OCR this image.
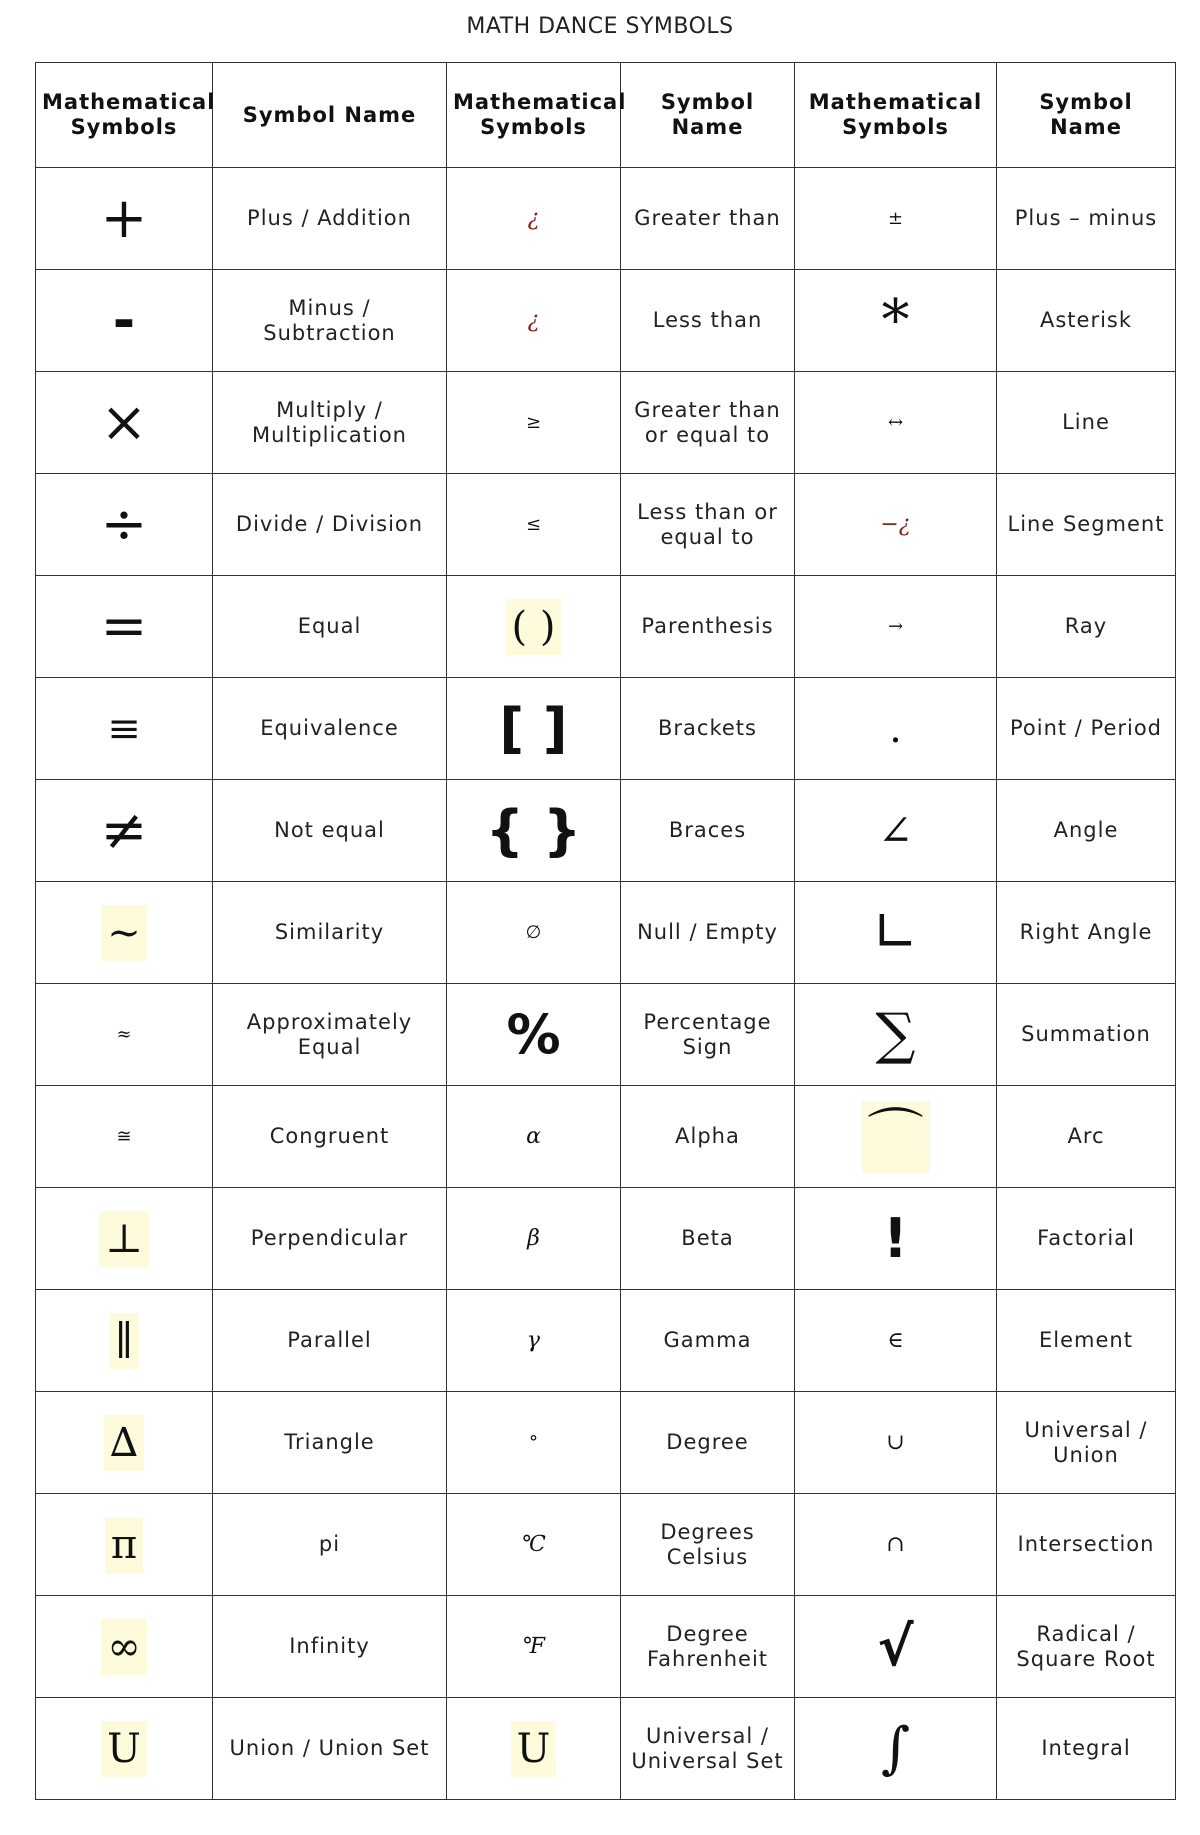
MATH DANCE SYMBOLS
Mathematical Symbols	Symbol Name	Mathematical Symbols	Symbol Name	Mathematical Symbols	Symbol Name
+	Plus / Addition	¿	Greater than	±	Plus – minus
-	Minus / Subtraction	¿	Less than	*	Asterisk
×	Multiply / Multiplication	≥	Greater than or equal to	↔	Line
÷	Divide / Division	≤	Less than or equal to	−¿	Line Segment
=	Equal	( )	Parenthesis	→	Ray
≡	Equivalence	[ ]	Brackets	.	Point / Period
≠	Not equal	{ }	Braces	∠	Angle
~	Similarity	∅	Null / Empty	∟	Right Angle
≈	Approximately Equal	%	Percentage Sign	∑	Summation
≅	Congruent	α	Alpha	⌒	Arc
⊥	Perpendicular	β	Beta	!	Factorial
∥	Parallel	γ	Gamma	∈	Element
∆	Triangle	°	Degree	∪	Universal / Union
π	pi	℃	Degrees Celsius	∩	Intersection
∞	Infinity	℉	Degree Fahrenheit	√	Radical / Square Root
U	Union / Union Set	U	Universal / Universal Set	∫	Integral
